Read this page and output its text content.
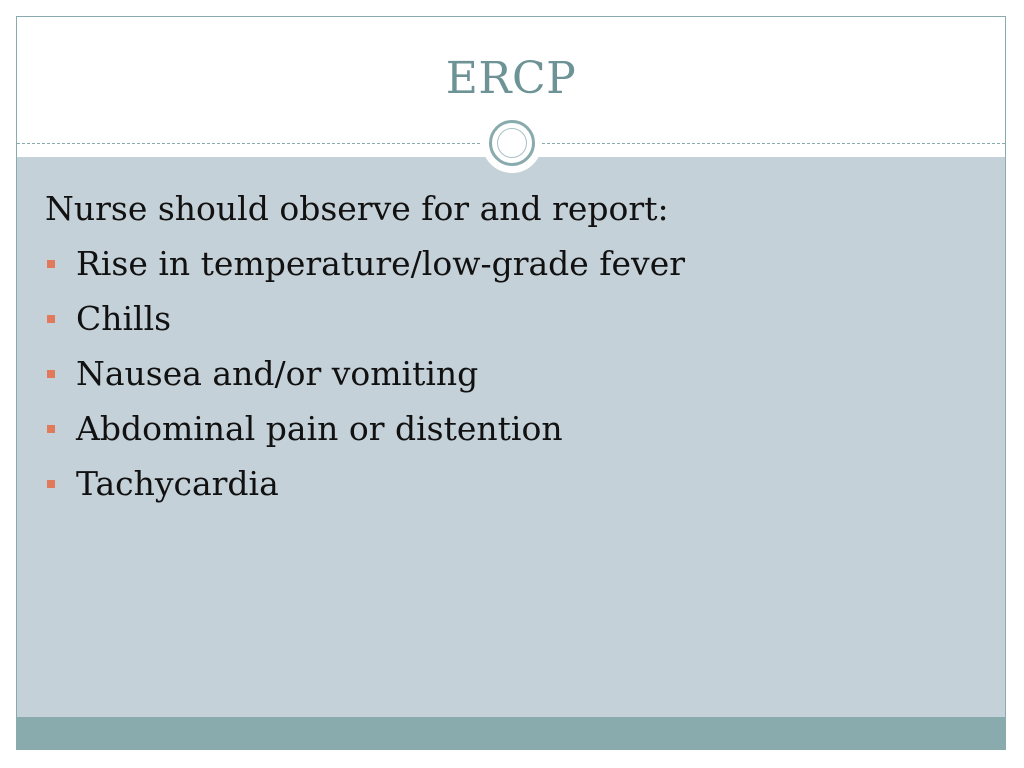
ERCP
Nurse should observe for and report:
Rise in temperature/low-grade fever
Chills
Nausea and/or vomiting
Abdominal pain or distention
Tachycardia
